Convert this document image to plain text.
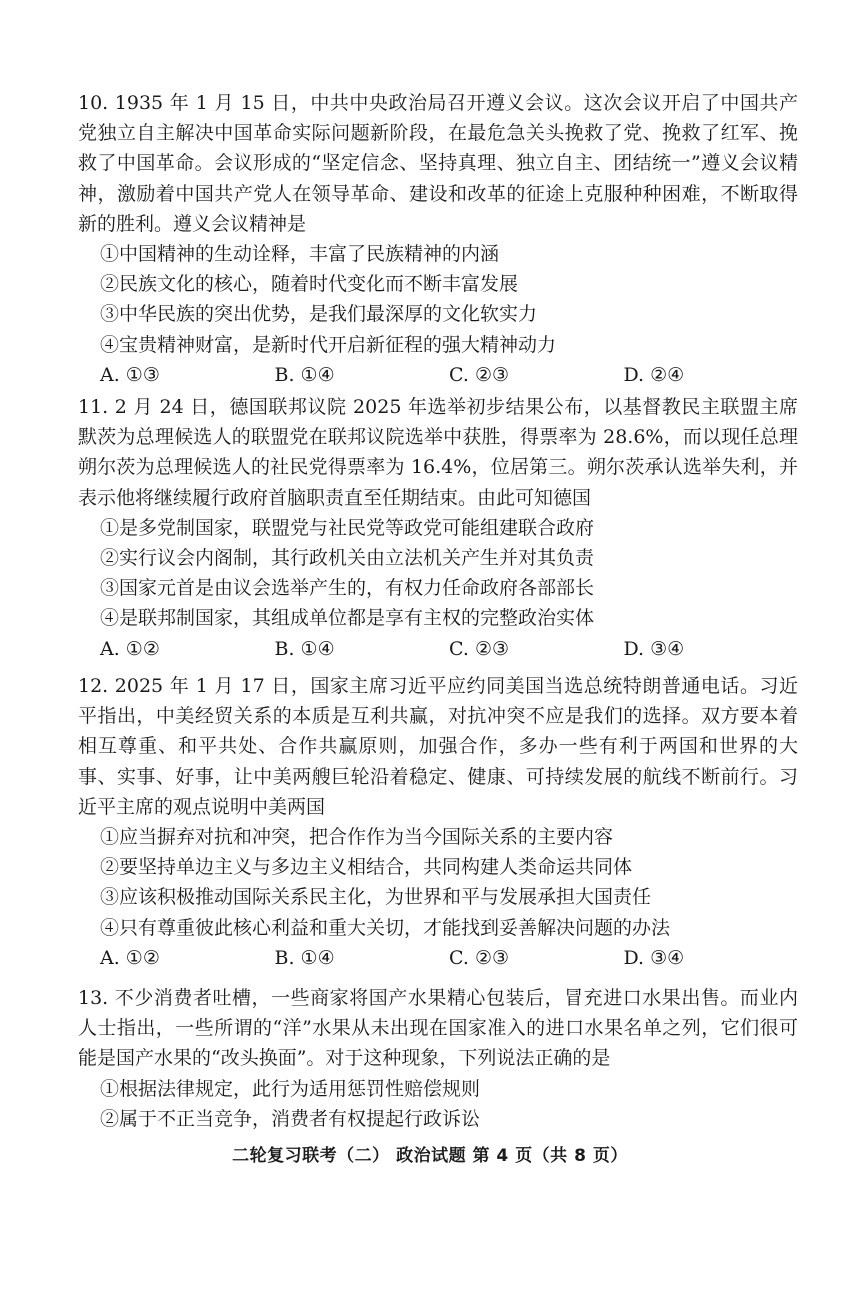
10. 1935 年 1 月 15 日，中共中央政治局召开遵义会议。这次会议开启了中国共产党独立自主解决中国革命实际问题新阶段，在最危急关头挽救了党、挽救了红军、挽救了中国革命。会议形成的“坚定信念、坚持真理、独立自主、团结统一”遵义会议精神，激励着中国共产党人在领导革命、建设和改革的征途上克服种种困难，不断取得新的胜利。遵义会议精神是

①中国精神的生动诠释，丰富了民族精神的内涵

②民族文化的核心，随着时代变化而不断丰富发展

③中华民族的突出优势，是我们最深厚的文化软实力

④宝贵精神财富，是新时代开启新征程的强大精神动力

A. ①③	B. ①④	C. ②③	D. ②④

11. 2 月 24 日，德国联邦议院 2025 年选举初步结果公布，以基督教民主联盟主席默茨为总理候选人的联盟党在联邦议院选举中获胜，得票率为 28.6%，而以现任总理朔尔茨为总理候选人的社民党得票率为 16.4%，位居第三。朔尔茨承认选举失利，并表示他将继续履行政府首脑职责直至任期结束。由此可知德国

①是多党制国家，联盟党与社民党等政党可能组建联合政府

②实行议会内阁制，其行政机关由立法机关产生并对其负责

③国家元首是由议会选举产生的，有权力任命政府各部部长

④是联邦制国家，其组成单位都是享有主权的完整政治实体

A. ①②	B. ①④	C. ②③	D. ③④

12. 2025 年 1 月 17 日，国家主席习近平应约同美国当选总统特朗普通电话。习近平指出，中美经贸关系的本质是互利共赢，对抗冲突不应是我们的选择。双方要本着相互尊重、和平共处、合作共赢原则，加强合作，多办一些有利于两国和世界的大事、实事、好事，让中美两艘巨轮沿着稳定、健康、可持续发展的航线不断前行。习近平主席的观点说明中美两国

①应当摒弃对抗和冲突，把合作作为当今国际关系的主要内容

②要坚持单边主义与多边主义相结合，共同构建人类命运共同体

③应该积极推动国际关系民主化，为世界和平与发展承担大国责任

④只有尊重彼此核心利益和重大关切，才能找到妥善解决问题的办法

A. ①②	B. ①④	C. ②③	D. ③④

13. 不少消费者吐槽，一些商家将国产水果精心包装后，冒充进口水果出售。而业内人士指出，一些所谓的“洋”水果从未出现在国家准入的进口水果名单之列，它们很可能是国产水果的“改头换面”。对于这种现象，下列说法正确的是

①根据法律规定，此行为适用惩罚性赔偿规则

②属于不正当竞争，消费者有权提起行政诉讼

二轮复习联考（二） 政治试题 第 4 页（共 8 页）
